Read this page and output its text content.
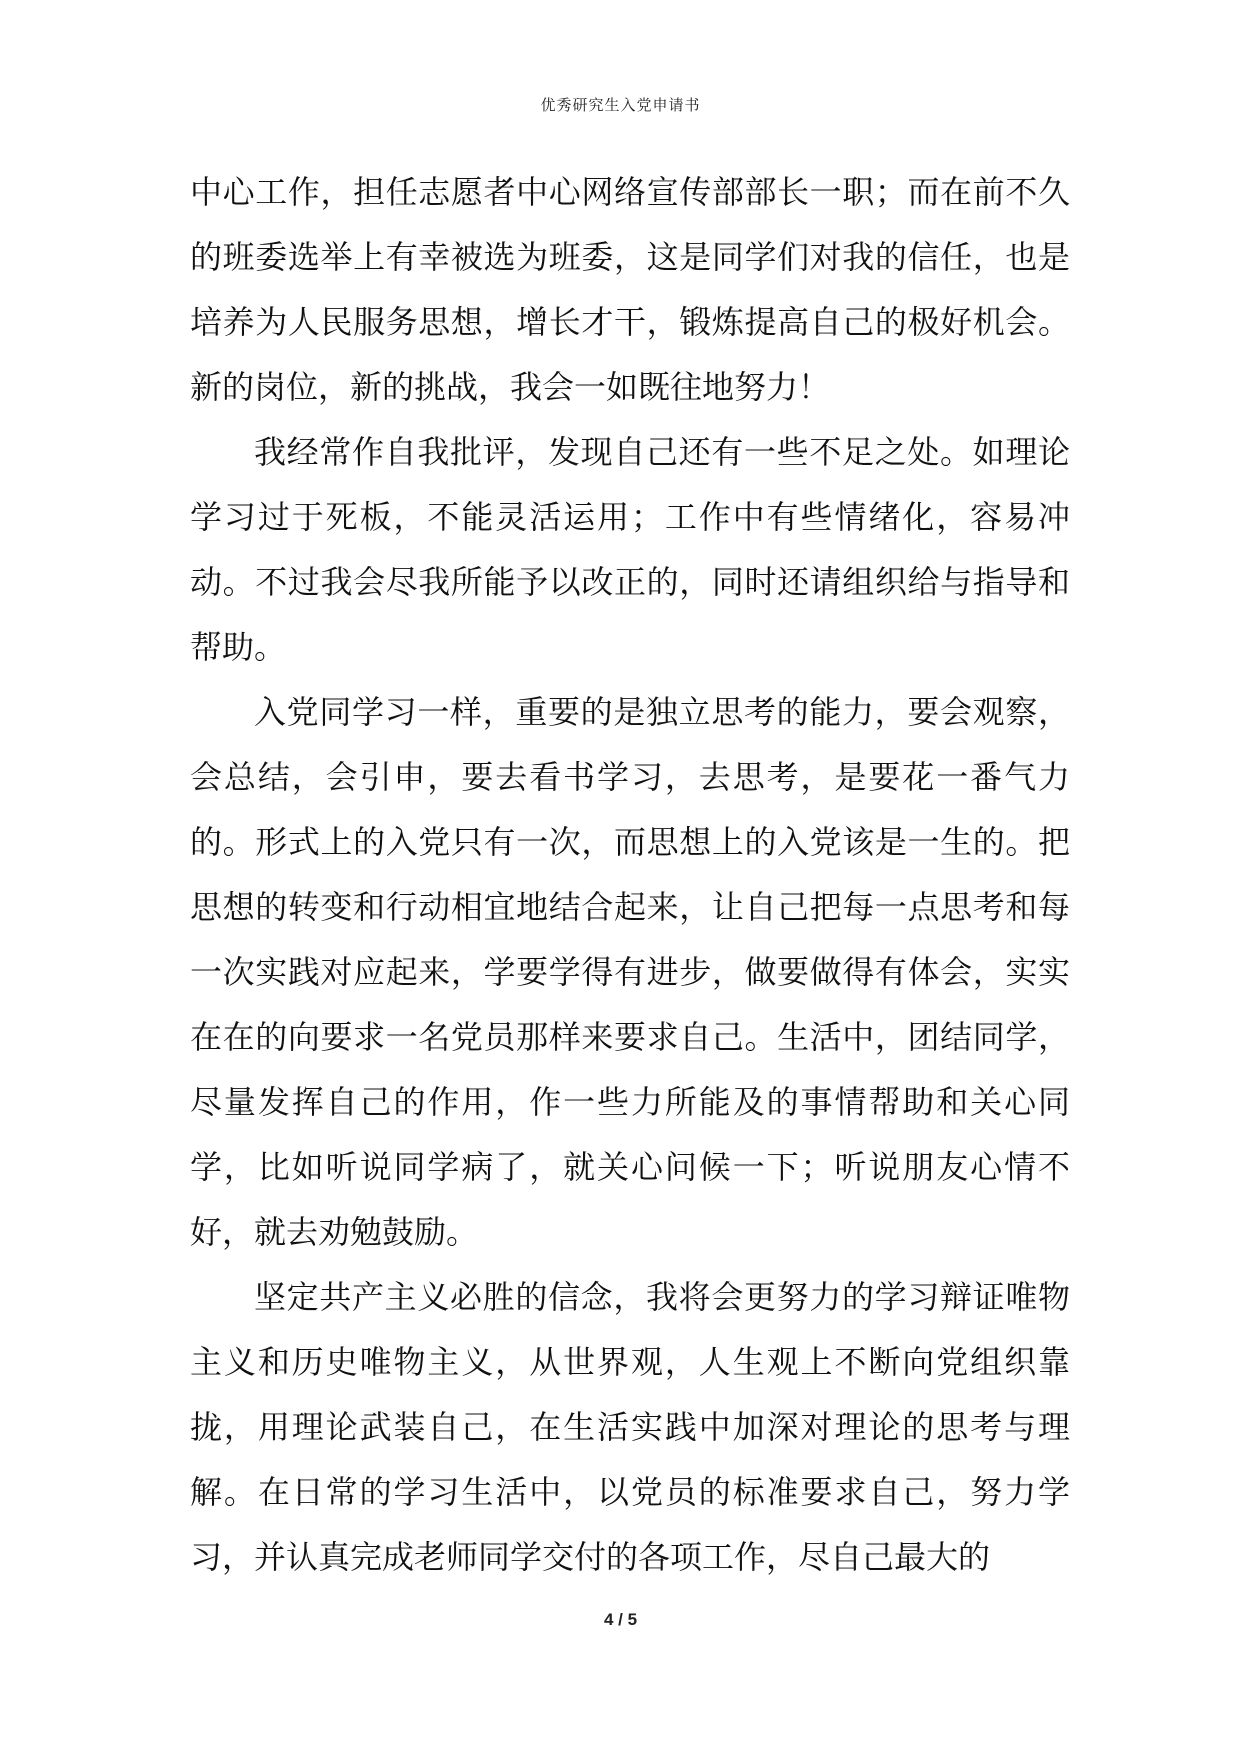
优秀研究生入党申请书

中心工作，担任志愿者中心网络宣传部部长一职；而在前不久的班委选举上有幸被选为班委，这是同学们对我的信任，也是培养为人民服务思想，增长才干，锻炼提高自己的极好机会。新的岗位，新的挑战，我会一如既往地努力！

我经常作自我批评，发现自己还有一些不足之处。如理论学习过于死板，不能灵活运用；工作中有些情绪化，容易冲动。不过我会尽我所能予以改正的，同时还请组织给与指导和帮助。

入党同学习一样，重要的是独立思考的能力，要会观察，会总结，会引申，要去看书学习，去思考，是要花一番气力的。形式上的入党只有一次，而思想上的入党该是一生的。把思想的转变和行动相宜地结合起来，让自己把每一点思考和每一次实践对应起来，学要学得有进步，做要做得有体会，实实在在的向要求一名党员那样来要求自己。生活中，团结同学，尽量发挥自己的作用，作一些力所能及的事情帮助和关心同学，比如听说同学病了，就关心问候一下；听说朋友心情不好，就去劝勉鼓励。

坚定共产主义必胜的信念，我将会更努力的学习辩证唯物主义和历史唯物主义，从世界观，人生观上不断向党组织靠拢，用理论武装自己，在生活实践中加深对理论的思考与理解。在日常的学习生活中，以党员的标准要求自己，努力学习，并认真完成老师同学交付的各项工作，尽自己最大的

4 / 5
